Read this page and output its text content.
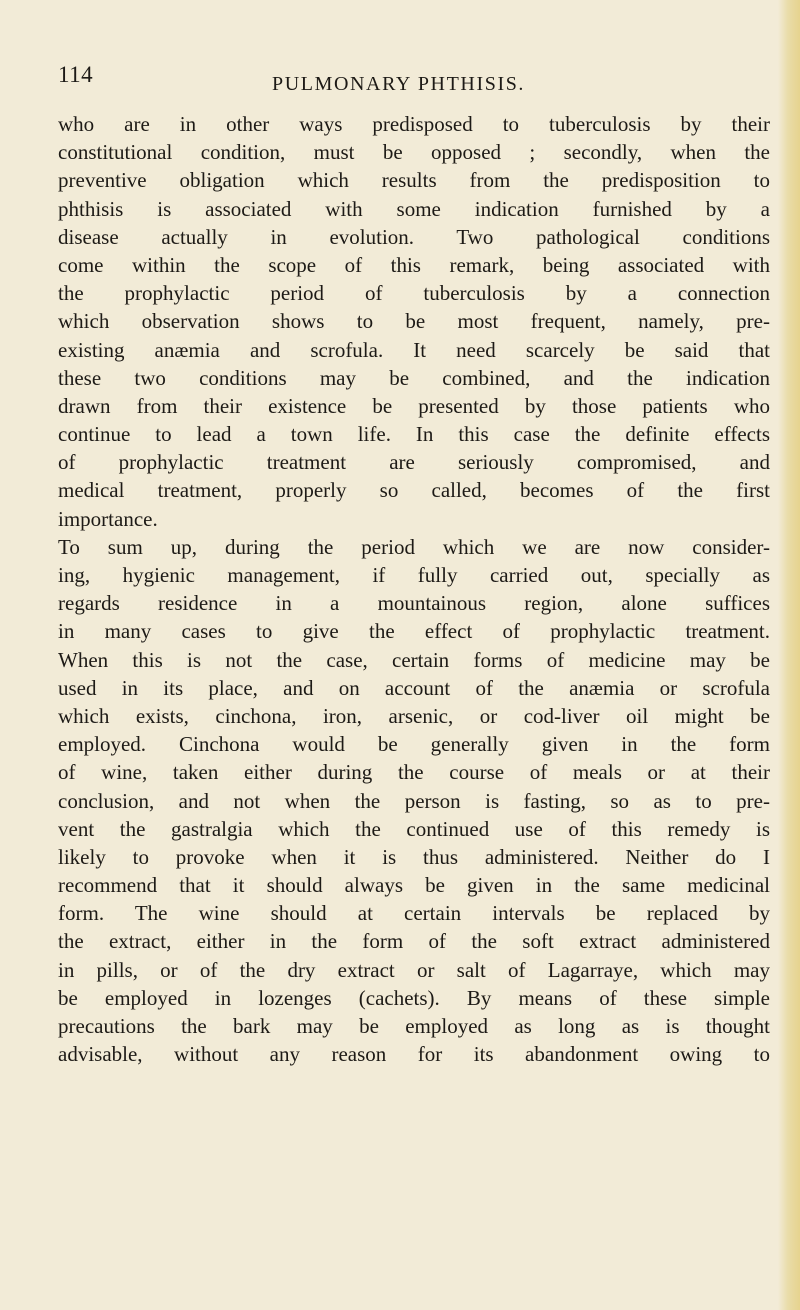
114	PULMONARY PHTHISIS.
who are in other ways predisposed to tuberculosis by their
constitutional condition, must be opposed ; secondly, when the
preventive obligation which results from the predisposition to
phthisis is associated with some indication furnished by a
disease actually in evolution. Two pathological conditions
come within the scope of this remark, being associated with
the prophylactic period of tuberculosis by a connection
which observation shows to be most frequent, namely, pre-
existing anæmia and scrofula. It need scarcely be said that
these two conditions may be combined, and the indication
drawn from their existence be presented by those patients who
continue to lead a town life. In this case the definite effects
of prophylactic treatment are seriously compromised, and
medical treatment, properly so called, becomes of the first
importance.
To sum up, during the period which we are now consider-
ing, hygienic management, if fully carried out, specially as
regards residence in a mountainous region, alone suffices
in many cases to give the effect of prophylactic treatment.
When this is not the case, certain forms of medicine may be
used in its place, and on account of the anæmia or scrofula
which exists, cinchona, iron, arsenic, or cod-liver oil might be
employed. Cinchona would be generally given in the form
of wine, taken either during the course of meals or at their
conclusion, and not when the person is fasting, so as to pre-
vent the gastralgia which the continued use of this remedy is
likely to provoke when it is thus administered. Neither do I
recommend that it should always be given in the same medicinal
form. The wine should at certain intervals be replaced by
the extract, either in the form of the soft extract administered
in pills, or of the dry extract or salt of Lagarraye, which may
be employed in lozenges (cachets). By means of these simple
precautions the bark may be employed as long as is thought
advisable, without any reason for its abandonment owing to
